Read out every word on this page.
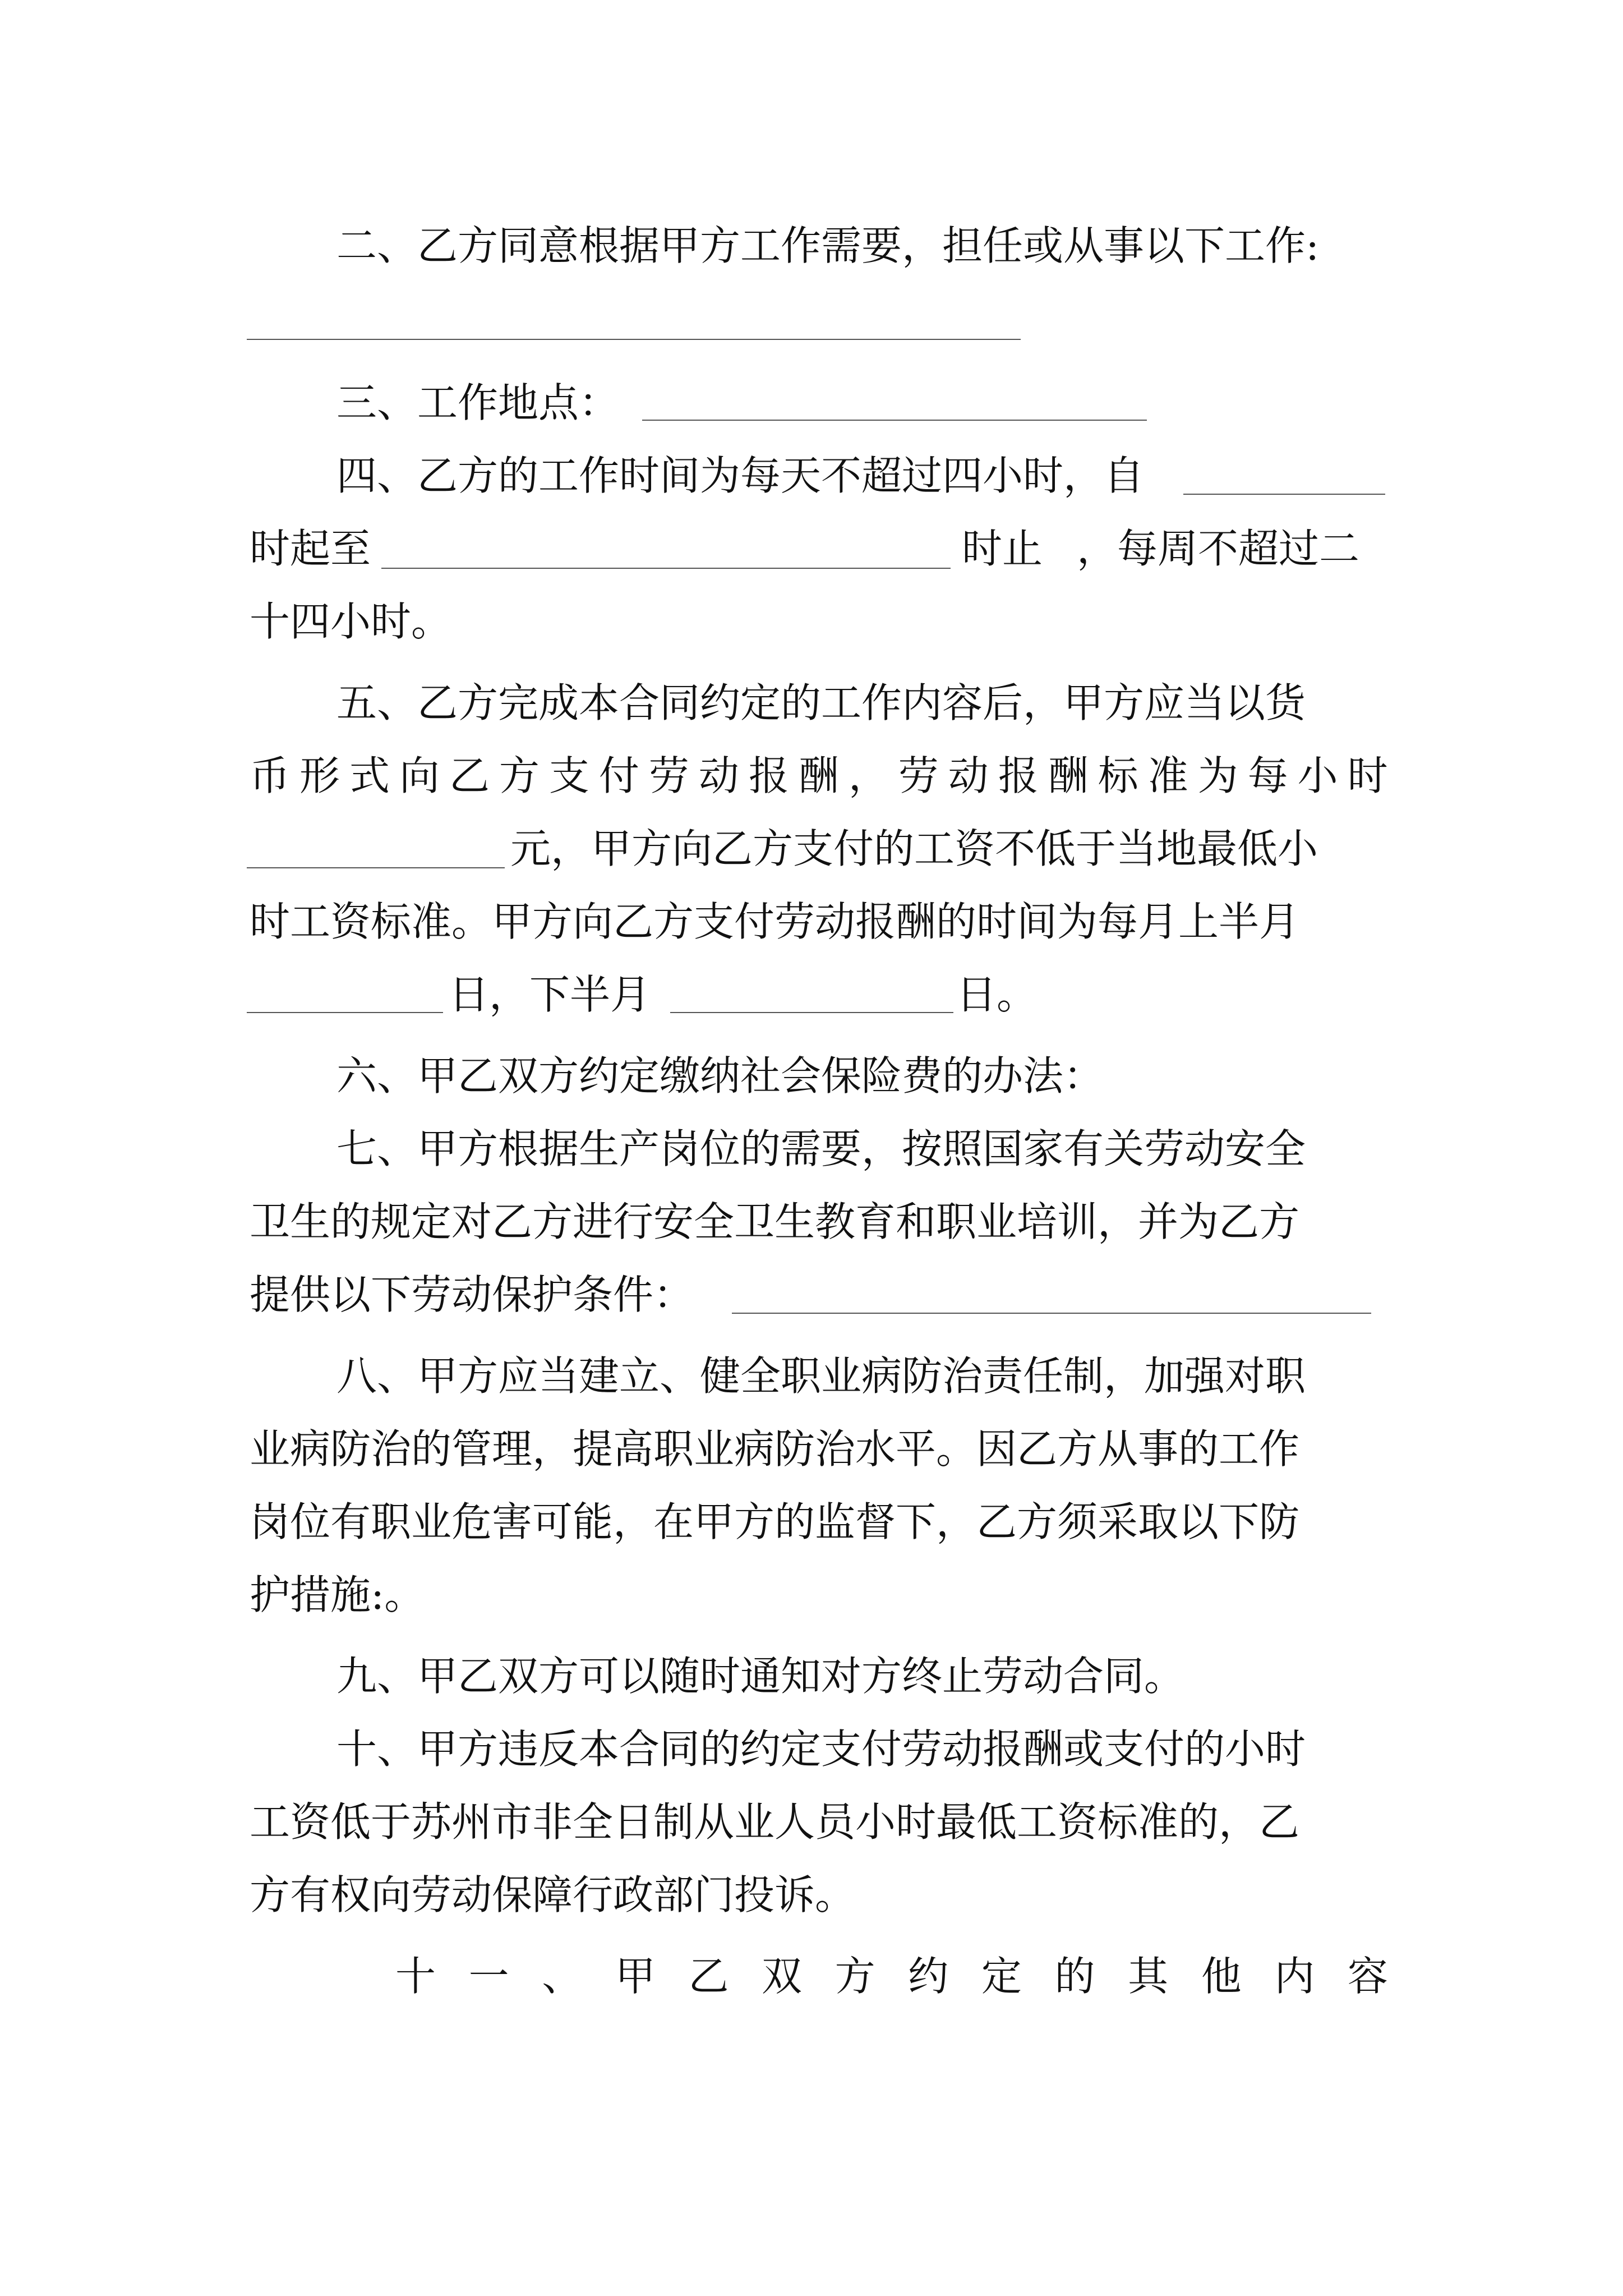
二、乙方同意根据甲方工作需要，担任或从事以下工作:

三、工作地点：

四、乙方的工作时间为每天不超过四小时，自

时起至	时止 ，每周不超过二

十四小时。

五、乙方完成本合同约定的工作内容后，甲方应当以货

币 形 式 向 乙 方 支 付 劳 动 报 酬 ， 劳 动 报 酬 标 准 为 每 小 时

元，甲方向乙方支付的工资不低于当地最低小

时工资标准。甲方向乙方支付劳动报酬的时间为每月上半月

日，下半月	日。

六、甲乙双方约定缴纳社会保险费的办法：

七、甲方根据生产岗位的需要，按照国家有关劳动安全

卫生的规定对乙方进行安全卫生教育和职业培训，并为乙方

提供以下劳动保护条件：

八、甲方应当建立、健全职业病防治责任制，加强对职

业病防治的管理，提高职业病防治水平。因乙方从事的工作

岗位有职业危害可能，在甲方的监督下，乙方须采取以下防

护措施:。

九、甲乙双方可以随时通知对方终止劳动合同。

十、甲方违反本合同的约定支付劳动报酬或支付的小时

工资低于苏州市非全日制从业人员小时最低工资标准的，乙

方有权向劳动保障行政部门投诉。

十 一 、 甲 乙 双 方 约 定 的 其 他 内 容
